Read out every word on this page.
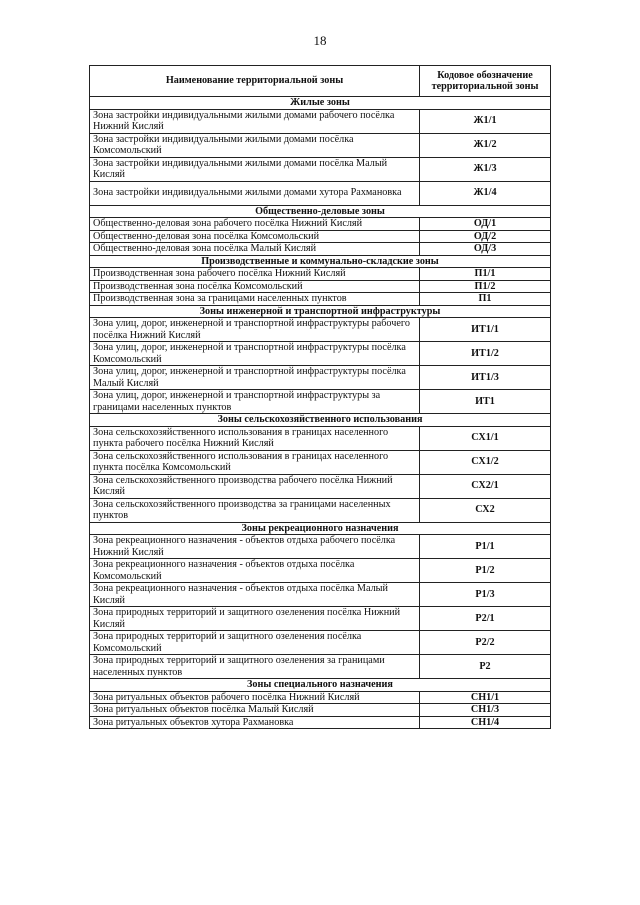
18
Наименование территориальной зоны	Кодовое обозначение территориальной зоны
Жилые зоны	
Зона застройки индивидуальными жилыми домами рабочего посёлка Нижний Кисляй	Ж1/1
Зона застройки индивидуальными жилыми домами посёлка Комсомольский	Ж1/2
Зона застройки индивидуальными жилыми домами посёлка Малый Кисляй	Ж1/3
Зона застройки индивидуальными жилыми домами хутора Рахмановка	Ж1/4
Общественно-деловые зоны	
Общественно-деловая зона рабочего посёлка Нижний Кисляй	ОД/1
Общественно-деловая зона посёлка Комсомольский	ОД/2
Общественно-деловая зона посёлка Малый Кисляй	ОД/3
Производственные и коммунально-складские зоны	
Производственная зона рабочего посёлка Нижний Кисляй	П1/1
Производственная зона посёлка Комсомольский	П1/2
Производственная зона за границами населенных пунктов	П1
Зоны инженерной и транспортной инфраструктуры	
Зона улиц, дорог, инженерной и транспортной инфраструктуры рабочего посёлка Нижний Кисляй	ИТ1/1
Зона улиц, дорог, инженерной и транспортной инфраструктуры посёлка Комсомольский	ИТ1/2
Зона улиц, дорог, инженерной и транспортной инфраструктуры посёлка Малый Кисляй	ИТ1/3
Зона улиц, дорог, инженерной и транспортной инфраструктуры за границами населенных пунктов	ИТ1
Зоны сельскохозяйственного использования	
Зона сельскохозяйственного использования в границах населенного пункта рабочего посёлка Нижний Кисляй	СХ1/1
Зона сельскохозяйственного использования в границах населенного пункта посёлка Комсомольский	СХ1/2
Зона сельскохозяйственного производства рабочего посёлка Нижний Кисляй	СХ2/1
Зона сельскохозяйственного производства за границами населенных пунктов	СХ2
Зоны рекреационного назначения	
Зона рекреационного назначения - объектов отдыха рабочего посёлка Нижний Кисляй	Р1/1
Зона рекреационного назначения - объектов отдыха посёлка Комсомольский	Р1/2
Зона рекреационного назначения - объектов отдыха посёлка Малый Кисляй	Р1/3
Зона природных территорий и защитного озеленения посёлка Нижний Кисляй	Р2/1
Зона природных территорий и защитного озеленения посёлка Комсомольский	Р2/2
Зона природных территорий и защитного озеленения за границами населенных пунктов	Р2
Зоны специального назначения	
Зона ритуальных объектов рабочего посёлка Нижний Кисляй	СН1/1
Зона ритуальных объектов посёлка Малый Кисляй	СН1/3
Зона ритуальных объектов хутора Рахмановка	СН1/4
